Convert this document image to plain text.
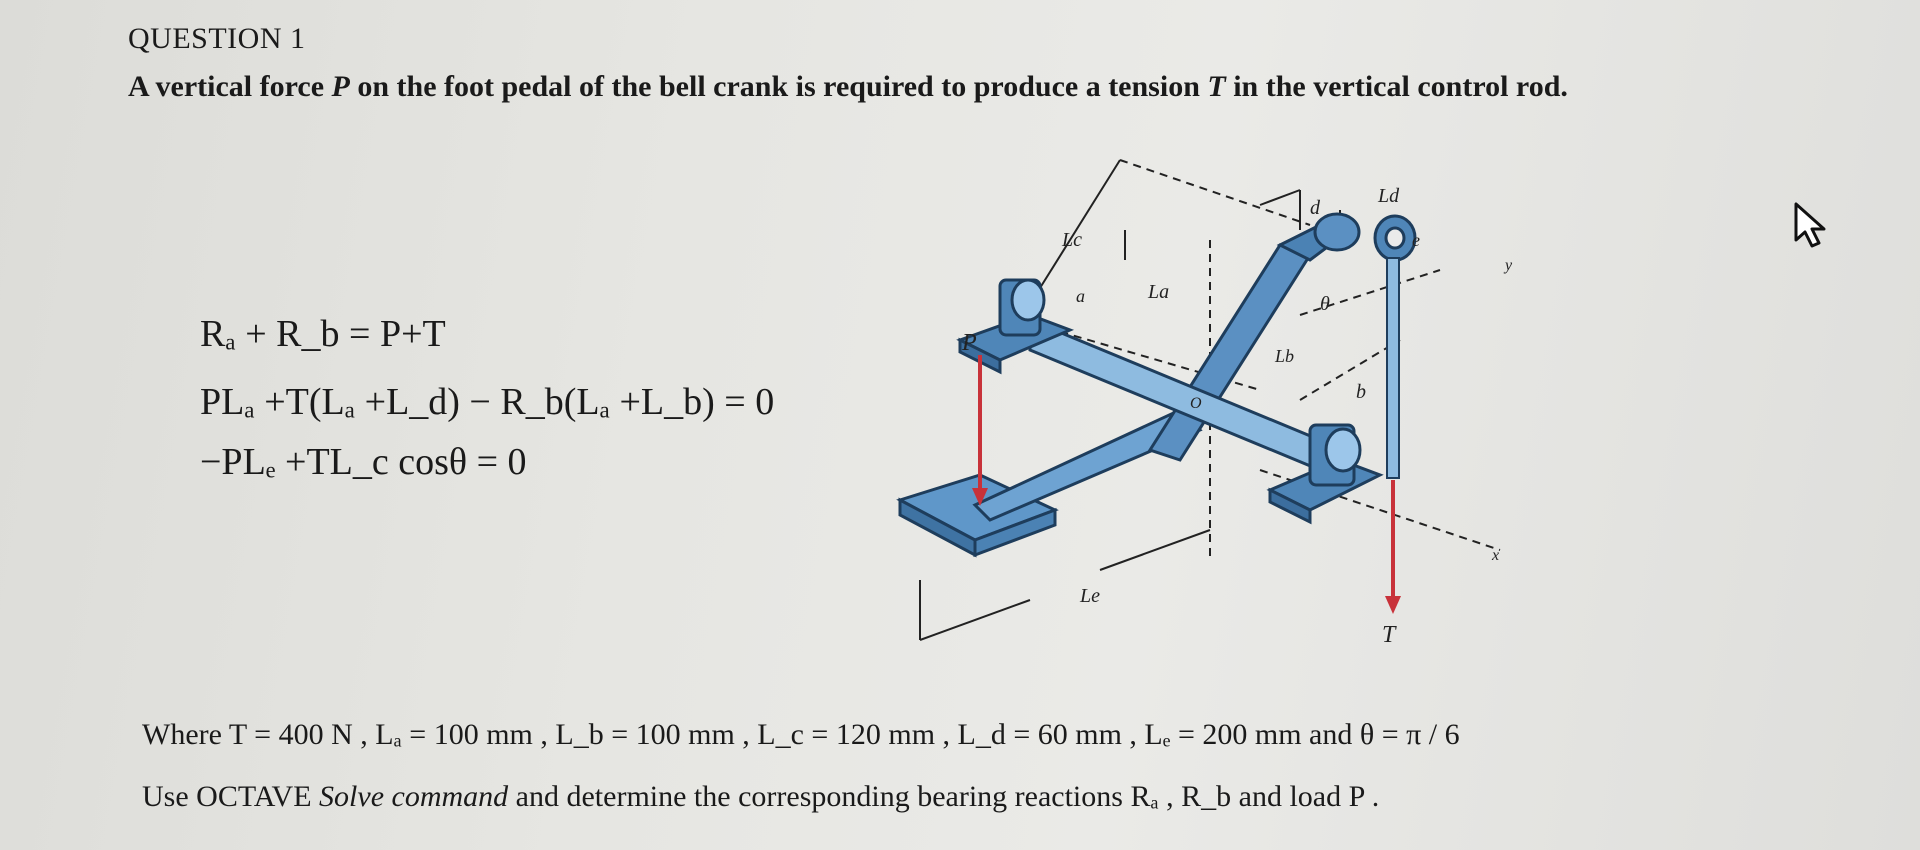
QUESTION 1
A vertical force P on the foot pedal of the bell crank is required to produce a tension T in the vertical control rod.
Rₐ + R_b = P+T
PLₐ +T(Lₐ +L_d) − R_b(Lₐ +L_b) = 0
−PLₑ +TL_c cosθ = 0
P
T
a
b
d
e
La
Lb
Lc
Ld
Le
θ
O
x
y
Where T = 400 N , Lₐ = 100 mm , L_b = 100 mm , L_c = 120 mm , L_d = 60 mm , Lₑ = 200 mm and θ = π / 6
Use OCTAVE Solve command and determine the corresponding bearing reactions Rₐ , R_b and load P .
